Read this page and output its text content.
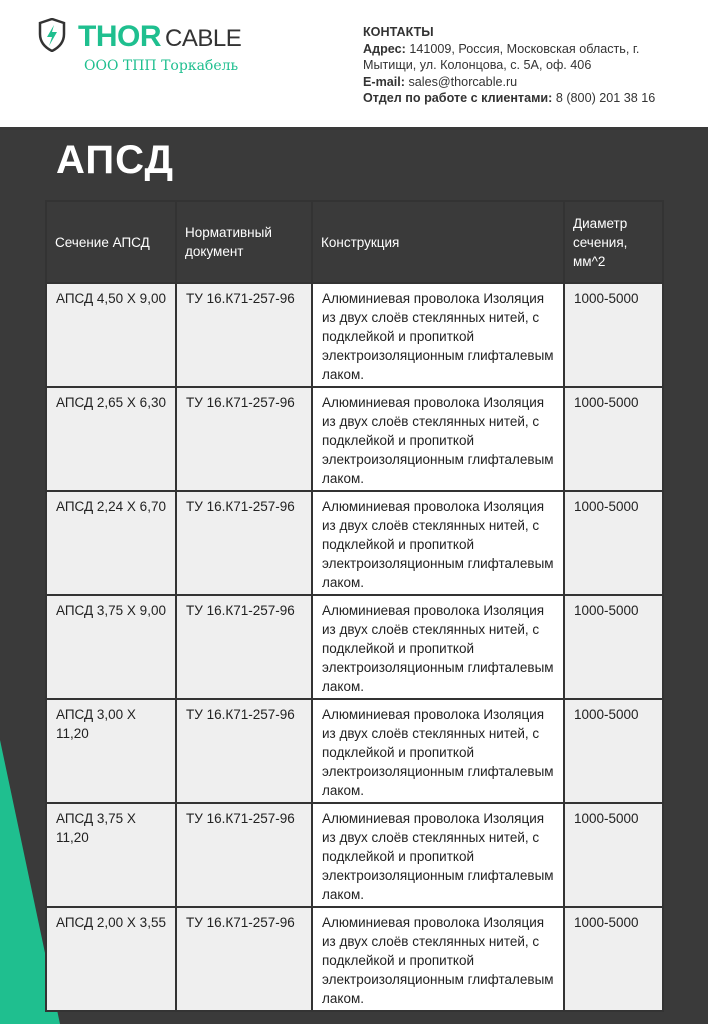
THOR CABLE
ООО ТПП Торкабель
КОНТАКТЫ
Адрес: 141009, Россия, Московская область, г.
Мытищи, ул. Колонцова, с. 5А, оф. 406
E-mail: sales@thorcable.ru
Отдел по работе с клиентами: 8 (800) 201 38 16
АПСД
Сечение АПСД	Нормативный документ	Конструкция	Диаметр сечения, мм^2
АПСД 4,50 Х 9,00	ТУ 16.К71-257-96	Алюминиевая проволока Изоляция из двух слоёв стеклянных нитей, с подклейкой и пропиткой электроизоляционным глифталевым лаком.	1000-5000
АПСД 2,65 Х 6,30	ТУ 16.К71-257-96	Алюминиевая проволока Изоляция из двух слоёв стеклянных нитей, с подклейкой и пропиткой электроизоляционным глифталевым лаком.	1000-5000
АПСД 2,24 Х 6,70	ТУ 16.К71-257-96	Алюминиевая проволока Изоляция из двух слоёв стеклянных нитей, с подклейкой и пропиткой электроизоляционным глифталевым лаком.	1000-5000
АПСД 3,75 Х 9,00	ТУ 16.К71-257-96	Алюминиевая проволока Изоляция из двух слоёв стеклянных нитей, с подклейкой и пропиткой электроизоляционным глифталевым лаком.	1000-5000
АПСД 3,00 Х 11,20	ТУ 16.К71-257-96	Алюминиевая проволока Изоляция из двух слоёв стеклянных нитей, с подклейкой и пропиткой электроизоляционным глифталевым лаком.	1000-5000
АПСД 3,75 Х 11,20	ТУ 16.К71-257-96	Алюминиевая проволока Изоляция из двух слоёв стеклянных нитей, с подклейкой и пропиткой электроизоляционным глифталевым лаком.	1000-5000
АПСД 2,00 Х 3,55	ТУ 16.К71-257-96	Алюминиевая проволока Изоляция из двух слоёв стеклянных нитей, с подклейкой и пропиткой электроизоляционным глифталевым лаком.	1000-5000
